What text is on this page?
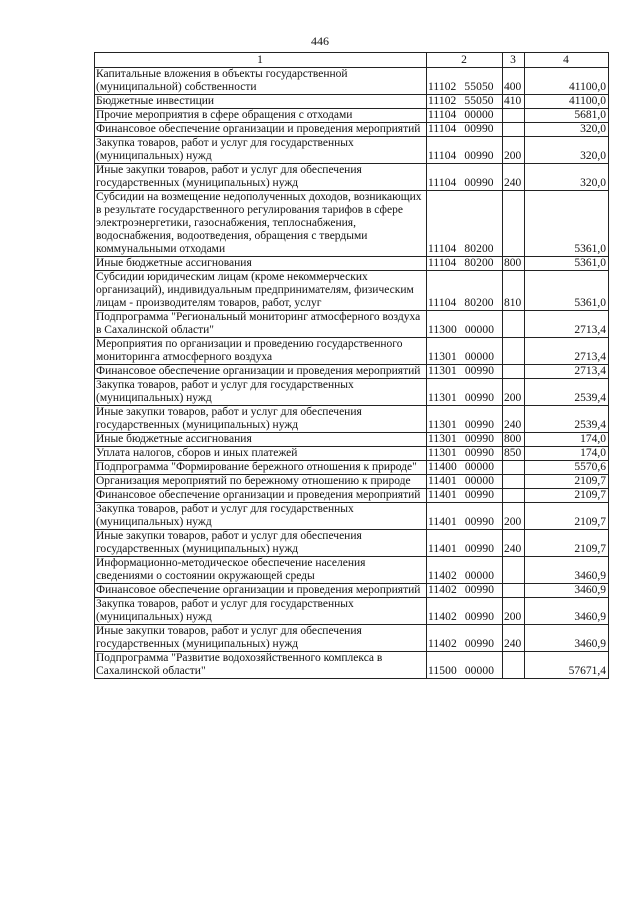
446
1	2	3	4
Капитальные вложения в объекты государственной (муниципальной) собственности	11102 55050	400	41100,0
Бюджетные инвестиции	11102 55050	410	41100,0
Прочие мероприятия в сфере обращения с отходами	11104 00000		5681,0
Финансовое обеспечение организации и проведения мероприятий	11104 00990		320,0
Закупка товаров, работ и услуг для государственных (муниципальных) нужд	11104 00990	200	320,0
Иные закупки товаров, работ и услуг для обеспечения государственных (муниципальных) нужд	11104 00990	240	320,0
Субсидии на возмещение недополученных доходов, возникающих в результате государственного регулирования тарифов в сфере электроэнергетики, газоснабжения, теплоснабжения, водоснабжения, водоотведения, обращения с твердыми коммунальными отходами	11104 80200		5361,0
Иные бюджетные ассигнования	11104 80200	800	5361,0
Субсидии юридическим лицам (кроме некоммерческих организаций), индивидуальным предпринимателям, физическим лицам - производителям товаров, работ, услуг	11104 80200	810	5361,0
Подпрограмма "Региональный мониторинг атмосферного воздуха в Сахалинской области"	11300 00000		2713,4
Мероприятия по организации и проведению государственного мониторинга атмосферного воздуха	11301 00000		2713,4
Финансовое обеспечение организации и проведения мероприятий	11301 00990		2713,4
Закупка товаров, работ и услуг для государственных (муниципальных) нужд	11301 00990	200	2539,4
Иные закупки товаров, работ и услуг для обеспечения государственных (муниципальных) нужд	11301 00990	240	2539,4
Иные бюджетные ассигнования	11301 00990	800	174,0
Уплата налогов, сборов и иных платежей	11301 00990	850	174,0
Подпрограмма "Формирование бережного отношения к природе"	11400 00000		5570,6
Организация мероприятий по бережному отношению к природе	11401 00000		2109,7
Финансовое обеспечение организации и проведения мероприятий	11401 00990		2109,7
Закупка товаров, работ и услуг для государственных (муниципальных) нужд	11401 00990	200	2109,7
Иные закупки товаров, работ и услуг для обеспечения государственных (муниципальных) нужд	11401 00990	240	2109,7
Информационно-методическое обеспечение населения сведениями о состоянии окружающей среды	11402 00000		3460,9
Финансовое обеспечение организации и проведения мероприятий	11402 00990		3460,9
Закупка товаров, работ и услуг для государственных (муниципальных) нужд	11402 00990	200	3460,9
Иные закупки товаров, работ и услуг для обеспечения государственных (муниципальных) нужд	11402 00990	240	3460,9
Подпрограмма "Развитие водохозяйственного комплекса в Сахалинской области"	11500 00000		57671,4
